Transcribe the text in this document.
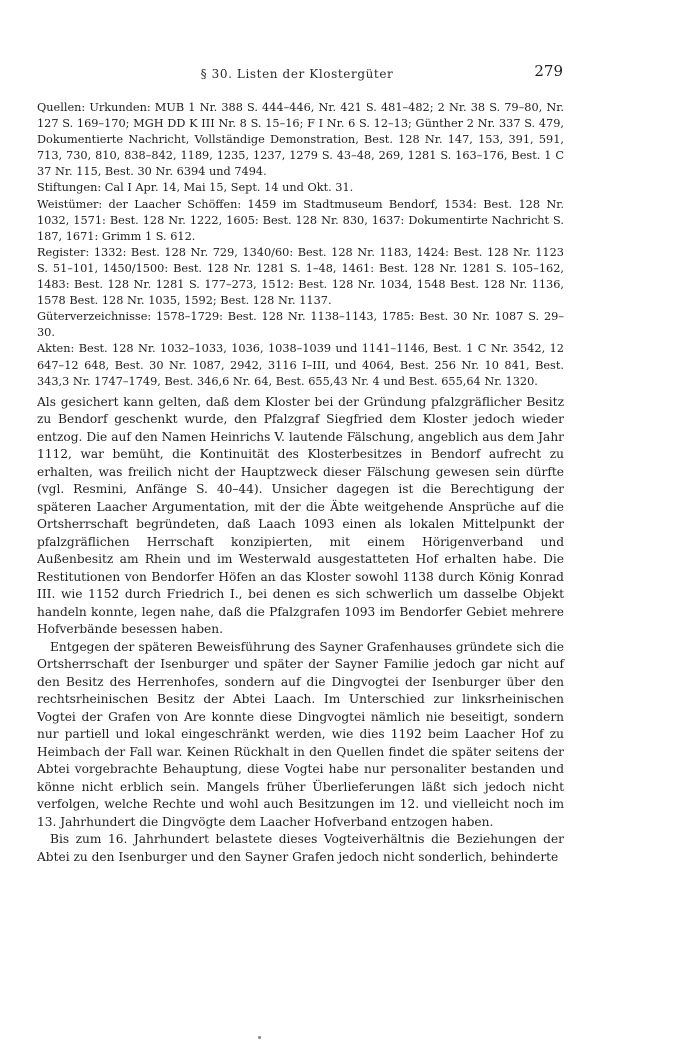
§ 30. Listen der Klostergüter	279

Quellen: Urkunden: MUB 1 Nr. 388 S. 444–446, Nr. 421 S. 481–482; 2 Nr. 38 S. 79–80, Nr. 127 S. 169–170; MGH DD K III Nr. 8 S. 15–16; F I Nr. 6 S. 12–13; Günther 2 Nr. 337 S. 479, Dokumentierte Nachricht, Vollständige Demonstration, Best. 128 Nr. 147, 153, 391, 591, 713, 730, 810, 838–842, 1189, 1235, 1237, 1279 S. 43–48, 269, 1281 S. 163–176, Best. 1 C 37 Nr. 115, Best. 30 Nr. 6394 und 7494.

Stiftungen: Cal I Apr. 14, Mai 15, Sept. 14 und Okt. 31.

Weistümer: der Laacher Schöffen: 1459 im Stadtmuseum Bendorf, 1534: Best. 128 Nr. 1032, 1571: Best. 128 Nr. 1222, 1605: Best. 128 Nr. 830, 1637: Dokumentirte Nachricht S. 187, 1671: Grimm 1 S. 612.

Register: 1332: Best. 128 Nr. 729, 1340/60: Best. 128 Nr. 1183, 1424: Best. 128 Nr. 1123 S. 51–101, 1450/1500: Best. 128 Nr. 1281 S. 1–48, 1461: Best. 128 Nr. 1281 S. 105–162, 1483: Best. 128 Nr. 1281 S. 177–273, 1512: Best. 128 Nr. 1034, 1548 Best. 128 Nr. 1136, 1578 Best. 128 Nr. 1035, 1592; Best. 128 Nr. 1137.

Güterverzeichnisse: 1578–1729: Best. 128 Nr. 1138–1143, 1785: Best. 30 Nr. 1087 S. 29–30.

Akten: Best. 128 Nr. 1032–1033, 1036, 1038–1039 und 1141–1146, Best. 1 C Nr. 3542, 12 647–12 648, Best. 30 Nr. 1087, 2942, 3116 I–III, und 4064, Best. 256 Nr. 10 841, Best. 343,3 Nr. 1747–1749, Best. 346,6 Nr. 64, Best. 655,43 Nr. 4 und Best. 655,64 Nr. 1320.

Als gesichert kann gelten, daß dem Kloster bei der Gründung pfalzgräflicher Besitz zu Bendorf geschenkt wurde, den Pfalzgraf Siegfried dem Kloster jedoch wieder entzog. Die auf den Namen Heinrichs V. lautende Fälschung, angeblich aus dem Jahr 1112, war bemüht, die Kontinuität des Klosterbesitzes in Bendorf aufrecht zu erhalten, was freilich nicht der Hauptzweck dieser Fälschung gewesen sein dürfte (vgl. Resmini, Anfänge S. 40–44). Unsicher dagegen ist die Berechtigung der späteren Laacher Argumentation, mit der die Äbte weitgehende Ansprüche auf die Ortsherrschaft begründeten, daß Laach 1093 einen als lokalen Mittelpunkt der pfalzgräflichen Herrschaft konzipierten, mit einem Hörigenverband und Außenbesitz am Rhein und im Westerwald ausgestatteten Hof erhalten habe. Die Restitutionen von Bendorfer Höfen an das Kloster sowohl 1138 durch König Konrad III. wie 1152 durch Friedrich I., bei denen es sich schwerlich um dasselbe Objekt handeln konnte, legen nahe, daß die Pfalzgrafen 1093 im Bendorfer Gebiet mehrere Hofverbände besessen haben.

Entgegen der späteren Beweisführung des Sayner Grafenhauses gründete sich die Ortsherrschaft der Isenburger und später der Sayner Familie jedoch gar nicht auf den Besitz des Herrenhofes, sondern auf die Dingvogtei der Isenburger über den rechtsrheinischen Besitz der Abtei Laach. Im Unterschied zur linksrheinischen Vogtei der Grafen von Are konnte diese Dingvogtei nämlich nie beseitigt, sondern nur partiell und lokal eingeschränkt werden, wie dies 1192 beim Laacher Hof zu Heimbach der Fall war. Keinen Rückhalt in den Quellen findet die später seitens der Abtei vorgebrachte Behauptung, diese Vogtei habe nur personaliter bestanden und könne nicht erblich sein. Mangels früher Überlieferungen läßt sich jedoch nicht verfolgen, welche Rechte und wohl auch Besitzungen im 12. und vielleicht noch im 13. Jahrhundert die Dingvögte dem Laacher Hofverband entzogen haben.

Bis zum 16. Jahrhundert belastete dieses Vogteiverhältnis die Beziehungen der Abtei zu den Isenburger und den Sayner Grafen jedoch nicht sonderlich, behinderte
